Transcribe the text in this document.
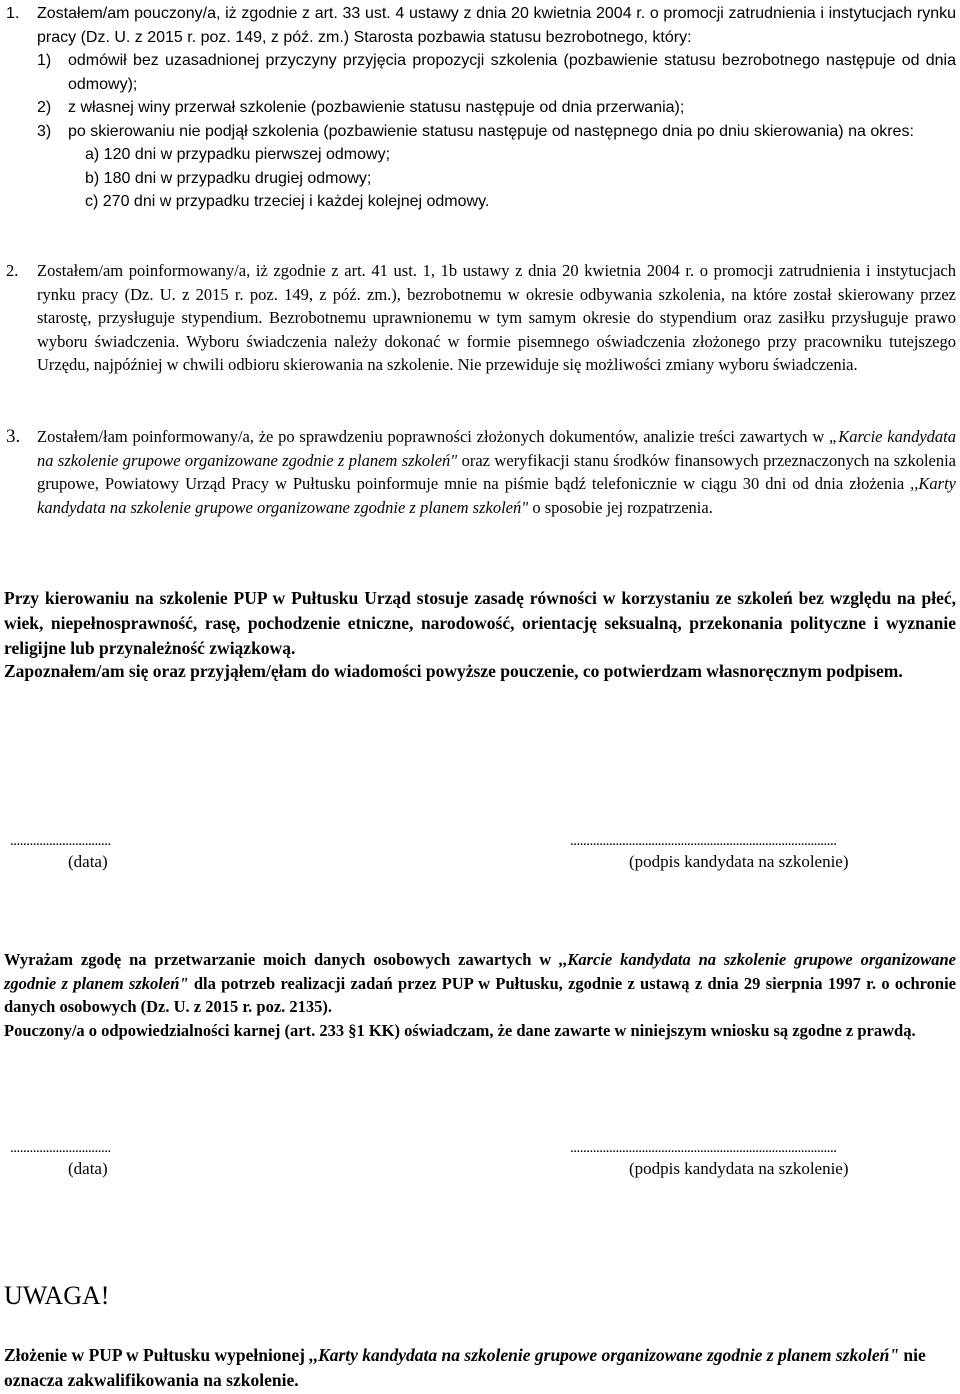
1.	Zostałem/am pouczony/a, iż zgodnie z art. 33 ust. 4 ustawy z dnia 20 kwietnia 2004 r. o promocji zatrudnienia i instytucjach rynku pracy (Dz. U. z 2015 r. poz. 149, z póź. zm.) Starosta pozbawia statusu bezrobotnego, który:
1)	odmówił bez uzasadnionej przyczyny przyjęcia propozycji szkolenia (pozbawienie statusu bezrobotnego następuje od dnia odmowy);
2)	z własnej winy przerwał szkolenie (pozbawienie statusu następuje od dnia przerwania);
3)	po skierowaniu nie podjął szkolenia (pozbawienie statusu następuje od następnego dnia po dniu skierowania) na okres:
a) 120 dni w przypadku pierwszej odmowy;
b) 180 dni w przypadku drugiej odmowy;
c) 270 dni w przypadku trzeciej i każdej kolejnej odmowy.
2.	Zostałem/am poinformowany/a, iż zgodnie z art. 41 ust. 1, 1b ustawy z dnia 20 kwietnia 2004 r. o promocji zatrudnienia i instytucjach rynku pracy (Dz. U. z 2015 r. poz. 149, z póź. zm.), bezrobotnemu w okresie odbywania szkolenia, na które został skierowany przez starostę, przysługuje stypendium. Bezrobotnemu uprawnionemu w tym samym okresie do stypendium oraz zasiłku przysługuje prawo wyboru świadczenia. Wyboru świadczenia należy dokonać w formie pisemnego oświadczenia złożonego przy pracowniku tutejszego Urzędu, najpóźniej w chwili odbioru skierowania na szkolenie. Nie przewiduje się możliwości zmiany wyboru świadczenia.
3.	Zostałem/łam poinformowany/a, że po sprawdzeniu poprawności złożonych dokumentów, analizie treści zawartych w „Karcie kandydata na szkolenie grupowe organizowane zgodnie z planem szkoleń" oraz weryfikacji stanu środków finansowych przeznaczonych na szkolenia grupowe, Powiatowy Urząd Pracy w Pułtusku poinformuje mnie na piśmie bądź telefonicznie w ciągu 30 dni od dnia złożenia ,,Karty kandydata na szkolenie grupowe organizowane zgodnie z planem szkoleń" o sposobie jej rozpatrzenia.
Przy kierowaniu na szkolenie PUP w Pułtusku Urząd stosuje zasadę równości w korzystaniu ze szkoleń bez względu na płeć, wiek, niepełnosprawność, rasę, pochodzenie etniczne, narodowość, orientację seksualną, przekonania polityczne i wyznanie religijne lub przynależność związkową.
Zapoznałem/am się oraz przyjąłem/ęłam do wiadomości powyższe pouczenie, co potwierdzam własnoręcznym podpisem.
...............................
(data)
..................................................................................
(podpis kandydata na szkolenie)
Wyrażam zgodę na przetwarzanie moich danych osobowych zawartych w ,,Karcie kandydata na szkolenie grupowe organizowane zgodnie z planem szkoleń" dla potrzeb realizacji zadań przez PUP w Pułtusku, zgodnie z ustawą z dnia 29 sierpnia 1997 r. o ochronie danych osobowych (Dz. U. z 2015 r. poz. 2135).
Pouczony/a o odpowiedzialności karnej (art. 233 §1 KK) oświadczam, że dane zawarte w niniejszym wniosku są zgodne z prawdą.
...............................
(data)
..................................................................................
(podpis kandydata na szkolenie)
UWAGA!
Złożenie w PUP w Pułtusku wypełnionej ,,Karty kandydata na szkolenie grupowe organizowane zgodnie z planem szkoleń" nie oznacza zakwalifikowania na szkolenie.
